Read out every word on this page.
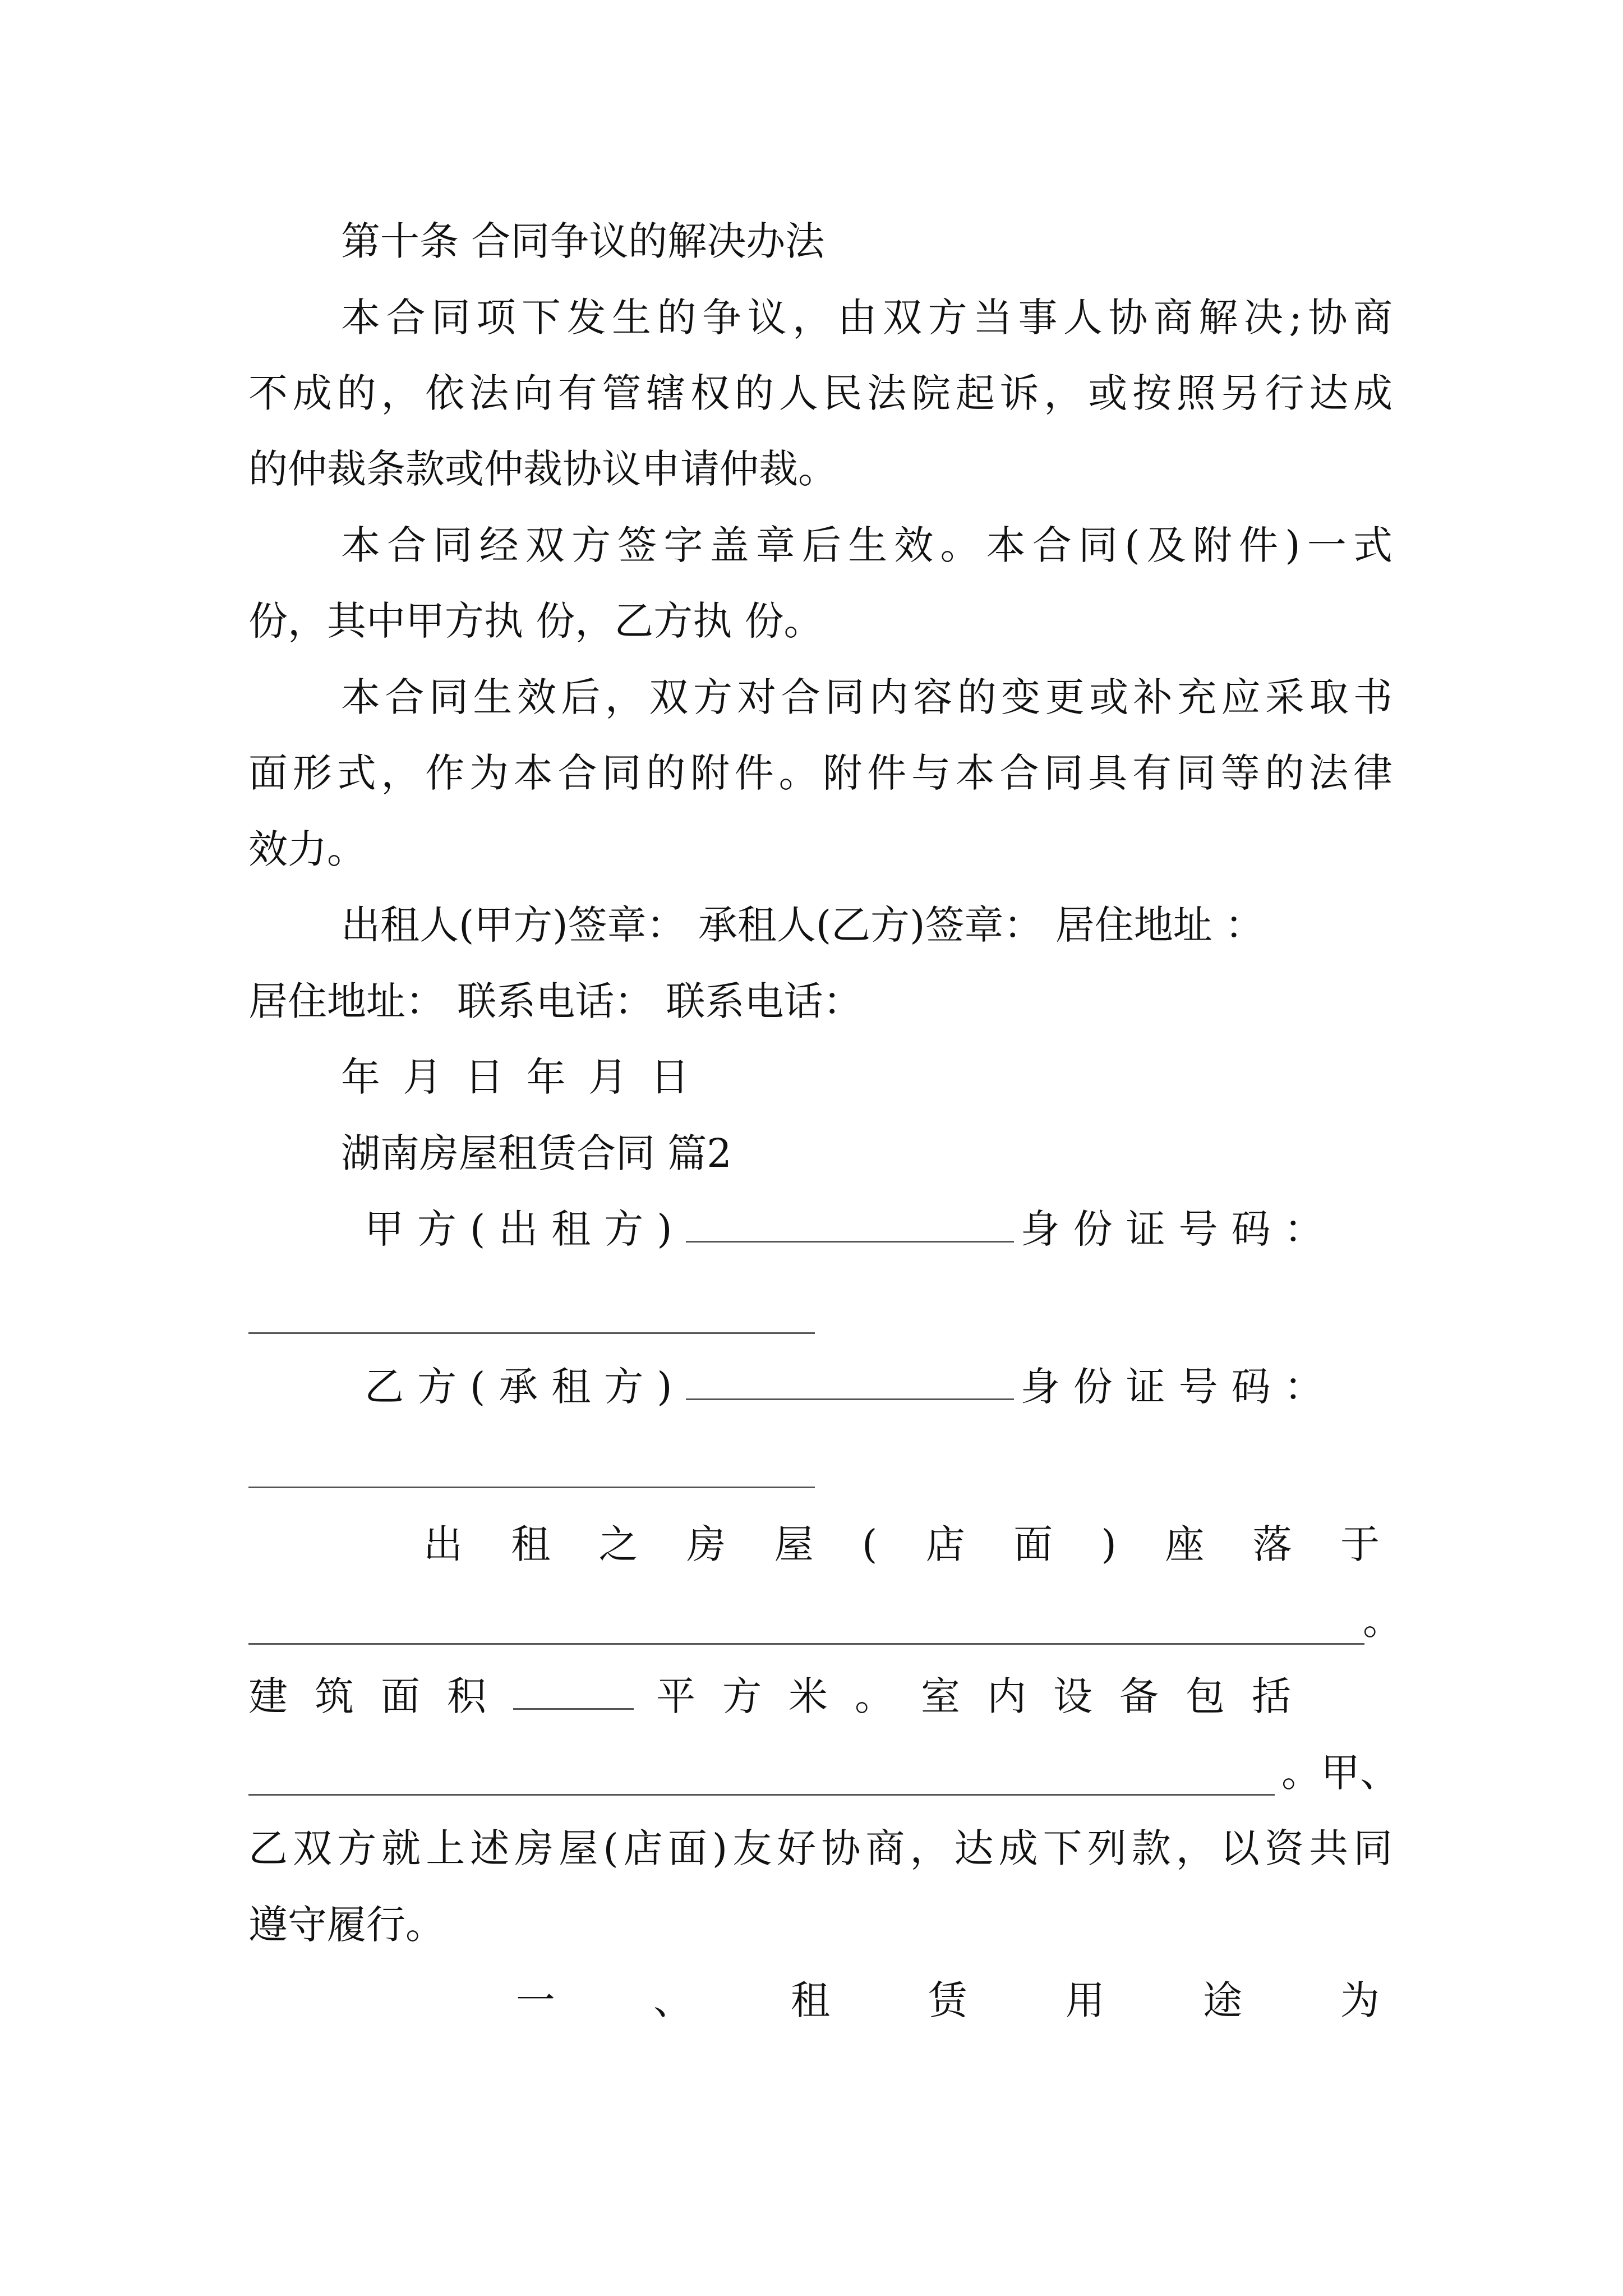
第十条 合同争议的解决办法
本合同项下发生的争议，由双方当事人协商解决;协商
不成的，依法向有管辖权的人民法院起诉，或按照另行达成
的仲裁条款或仲裁协议申请仲裁。
本合同经双方签字盖章后生效。本合同(及附件)一式
份，其中甲方执 份，乙方执 份。
本合同生效后，双方对合同内容的变更或补充应采取书
面形式，作为本合同的附件。附件与本合同具有同等的法律
效力。
出租人(甲方)签章： 承租人(乙方)签章： 居住地址 ：
居住地址： 联系电话： 联系电话：
年 月 日 年 月 日
湖南房屋租赁合同 篇2
甲方(出租方)	身份证号码：
乙方(承租方)	身份证号码：
出租之房屋(店面)座落于
。
建筑面积	平方米。室内设备包括
。甲、
乙双方就上述房屋(店面)友好协商，达成下列款，以资共同
遵守履行。
一、租赁用途为
